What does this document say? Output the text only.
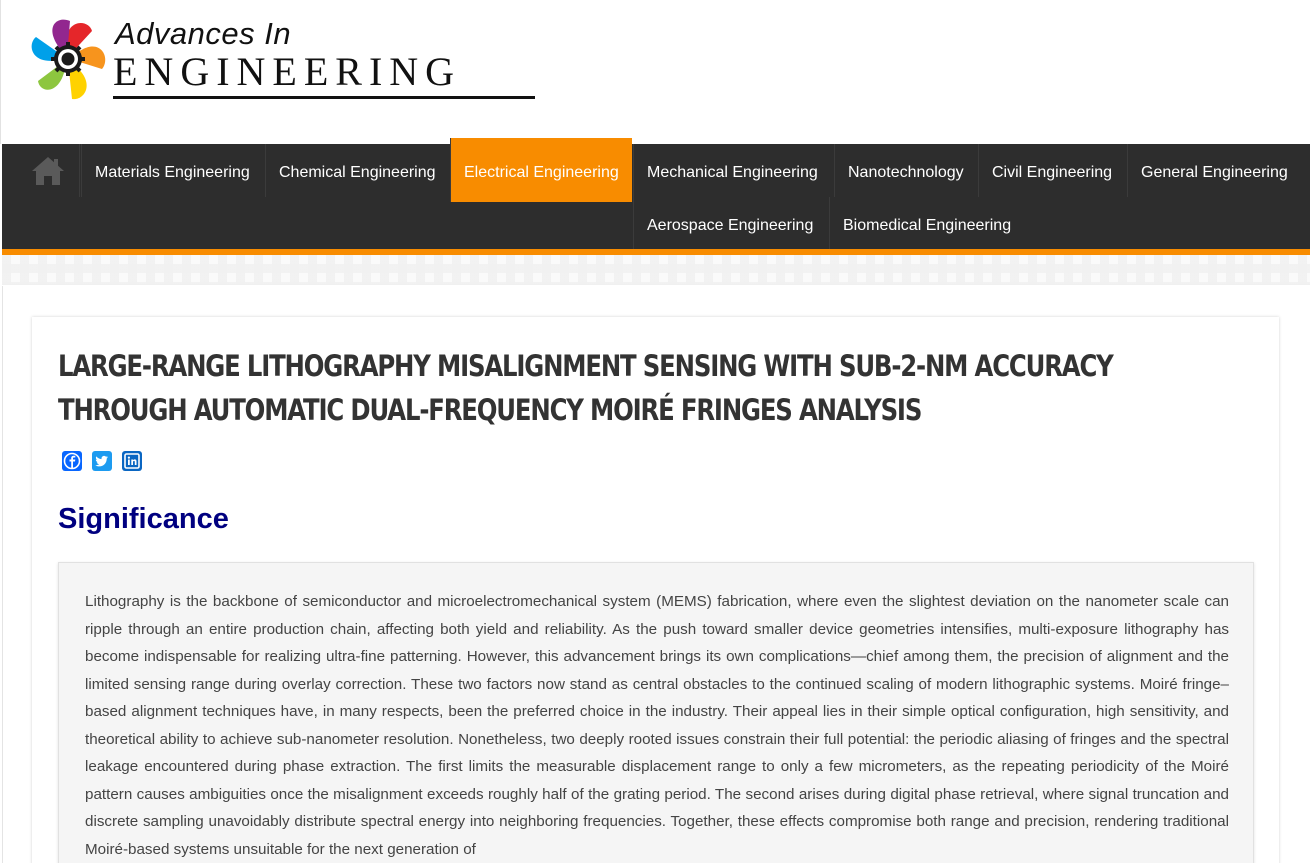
Advances In
ENGINEERING
Materials Engineering	Chemical Engineering	Electrical Engineering	Mechanical Engineering	Nanotechnology	Civil Engineering	General Engineering
Aerospace Engineering	Biomedical Engineering
LARGE-RANGE LITHOGRAPHY MISALIGNMENT SENSING WITH SUB-2-NM ACCURACY THROUGH AUTOMATIC DUAL-FREQUENCY MOIRÉ FRINGES ANALYSIS
Significance

Lithography is the backbone of semiconductor and microelectromechanical system (MEMS) fabrication, where even the slightest deviation on the nanometer scale can ripple through an entire production chain, affecting both yield and reliability. As the push toward smaller device geometries intensifies, multi-exposure lithography has become indispensable for realizing ultra-fine patterning. However, this advancement brings its own complications—chief among them, the precision of alignment and the limited sensing range during overlay correction. These two factors now stand as central obstacles to the continued scaling of modern lithographic systems. Moiré fringe–based alignment techniques have, in many respects, been the preferred choice in the industry. Their appeal lies in their simple optical configuration, high sensitivity, and theoretical ability to achieve sub-nanometer resolution. Nonetheless, two deeply rooted issues constrain their full potential: the periodic aliasing of fringes and the spectral leakage encountered during phase extraction. The first limits the measurable displacement range to only a few micrometers, as the repeating periodicity of the Moiré pattern causes ambiguities once the misalignment exceeds roughly half of the grating period. The second arises during digital phase retrieval, where signal truncation and discrete sampling unavoidably distribute spectral energy into neighboring frequencies. Together, these effects compromise both range and precision, rendering traditional Moiré-based systems unsuitable for the next generation of
